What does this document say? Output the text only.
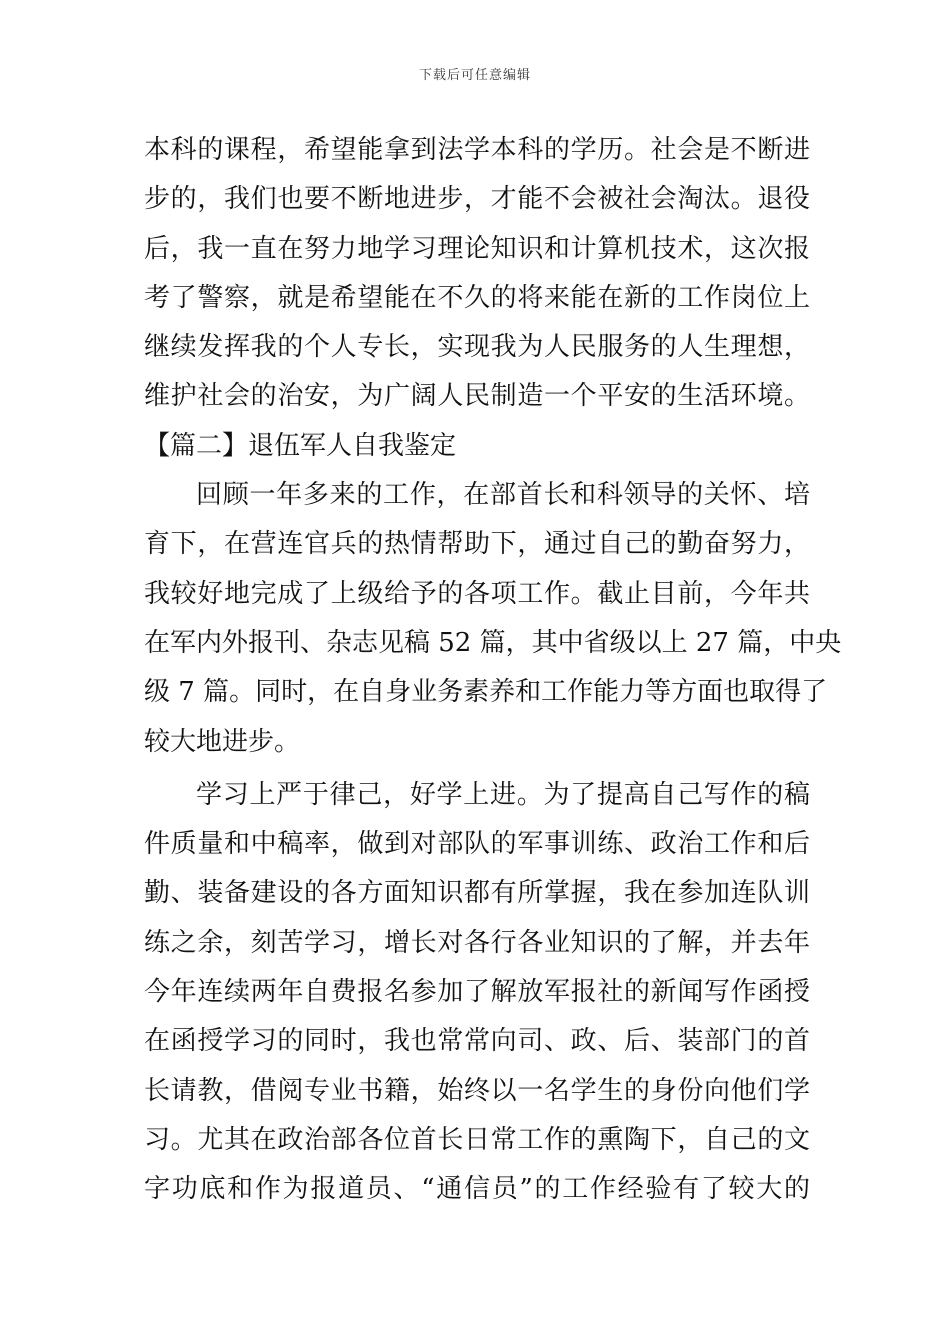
下载后可任意编辑
本科的课程，希望能拿到法学本科的学历。社会是不断进
步的，我们也要不断地进步，才能不会被社会淘汰。退役
后，我一直在努力地学习理论知识和计算机技术，这次报
考了警察，就是希望能在不久的将来能在新的工作岗位上
继续发挥我的个人专长，实现我为人民服务的人生理想，
维护社会的治安，为广阔人民制造一个平安的生活环境。
【篇二】退伍军人自我鉴定
回顾一年多来的工作，在部首长和科领导的关怀、培
育下，在营连官兵的热情帮助下，通过自己的勤奋努力，
我较好地完成了上级给予的各项工作。截止目前，今年共
在军内外报刊、杂志见稿 52 篇，其中省级以上 27 篇，中央
级 7 篇。同时，在自身业务素养和工作能力等方面也取得了
较大地进步。
学习上严于律己，好学上进。为了提高自己写作的稿
件质量和中稿率，做到对部队的军事训练、政治工作和后
勤、装备建设的各方面知识都有所掌握，我在参加连队训
练之余，刻苦学习，增长对各行各业知识的了解，并去年
今年连续两年自费报名参加了解放军报社的新闻写作函授
在函授学习的同时，我也常常向司、政、后、装部门的首
长请教，借阅专业书籍，始终以一名学生的身份向他们学
习。尤其在政治部各位首长日常工作的熏陶下，自己的文
字功底和作为报道员、“通信员”的工作经验有了较大的
